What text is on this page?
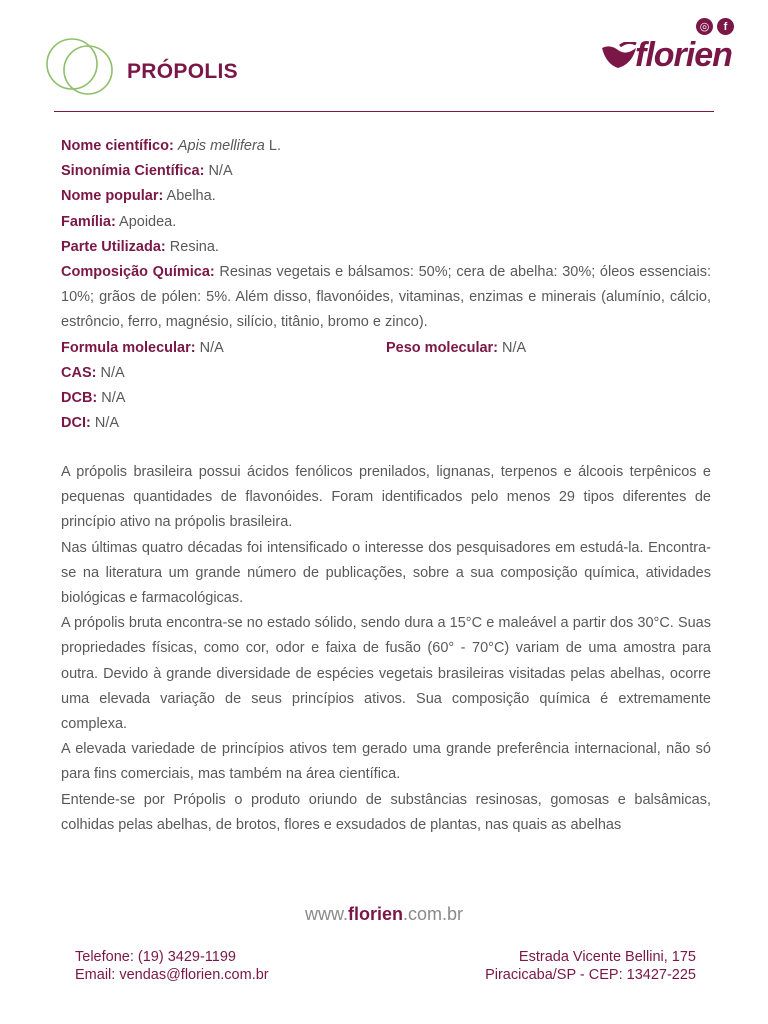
PRÓPOLIS
◎	f
florien
Nome científico: Apis mellifera L.
Sinonímia Científica: N/A
Nome popular: Abelha.
Família: Apoidea.
Parte Utilizada: Resina.
Composição Química: Resinas vegetais e bálsamos: 50%; cera de abelha: 30%; óleos essenciais: 10%; grãos de pólen: 5%. Além disso, flavonóides, vitaminas, enzimas e minerais (alumínio, cálcio, estrôncio, ferro, magnésio, silício, titânio, bromo e zinco).
Formula molecular: N/A	Peso molecular: N/A
CAS: N/A
DCB: N/A
DCI: N/A

A própolis brasileira possui ácidos fenólicos prenilados, lignanas, terpenos e álcoois terpênicos e pequenas quantidades de flavonóides. Foram identificados pelo menos 29 tipos diferentes de princípio ativo na própolis brasileira.

Nas últimas quatro décadas foi intensificado o interesse dos pesquisadores em estudá-la. Encontra-se na literatura um grande número de publicações, sobre a sua composição química, atividades biológicas e farmacológicas.

A própolis bruta encontra-se no estado sólido, sendo dura a 15°C e maleável a partir dos 30°C. Suas propriedades físicas, como cor, odor e faixa de fusão (60° - 70°C) variam de uma amostra para outra. Devido à grande diversidade de espécies vegetais brasileiras visitadas pelas abelhas, ocorre uma elevada variação de seus princípios ativos. Sua composição química é extremamente complexa.

A elevada variedade de princípios ativos tem gerado uma grande preferência internacional, não só para fins comerciais, mas também na área científica.

Entende-se por Própolis o produto oriundo de substâncias resinosas, gomosas e balsâmicas, colhidas pelas abelhas, de brotos, flores e exsudados de plantas, nas quais as abelhas

www.florien.com.br
Telefone: (19) 3429-1199
Email: vendas@florien.com.br
Estrada Vicente Bellini, 175
Piracicaba/SP - CEP: 13427-225
